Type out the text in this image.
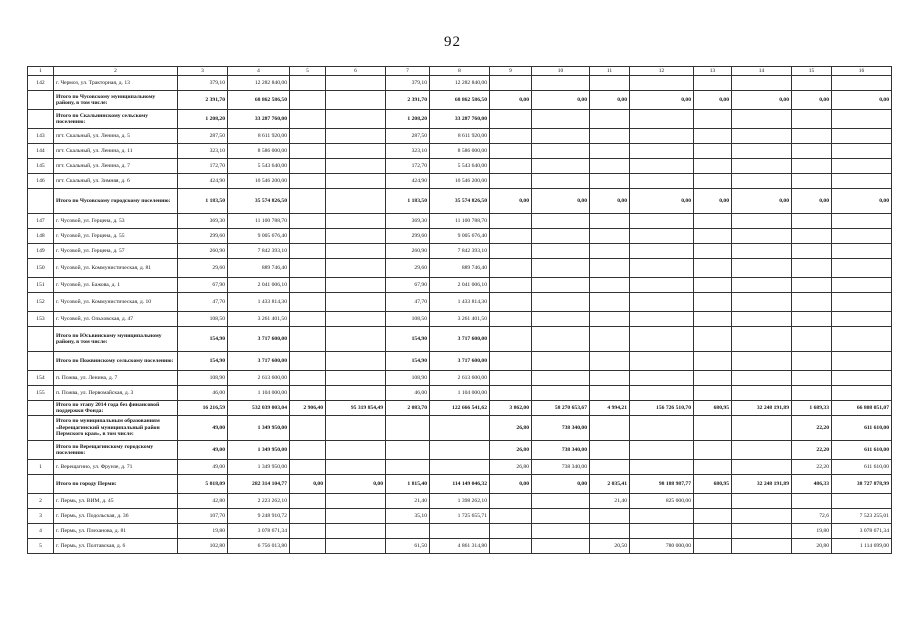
92
1	2	3	4	5	6	7	8	9	10	11	12	13	14	15	16
142	г. Чермоз, ул. Тракторная, д. 13	379,10	12 282 840,00			379,10	12 282 840,00								
	Итого по Чусовскому муниципальному району, в том числе:	2 391,70	68 862 586,50			2 391,70	68 862 586,50	0,00	0,00	0,00	0,00	0,00	0,00	0,00	0,00
	Итого по Скальнинскому сельскому поселению:	1 208,20	33 287 760,00			1 208,20	33 287 760,00								
143	пгт. Скальный, ул. Ленина, д. 5	287,50	8 611 920,00			287,50	8 611 920,00								
144	пгт. Скальный, ул. Ленина, д. 11	323,10	8 586 000,00			323,10	8 586 000,00								
145	пгт. Скальный, ул. Ленина, д. 7	172,70	5 543 640,00			172,70	5 543 640,00								
146	пгт. Скальный, ул. Зимняя, д. 6	424,90	10 546 200,00			424,90	10 546 200,00								
	Итого по Чусовскому городскому поселению:	1 183,50	35 574 826,50			1 183,50	35 574 826,50	0,00	0,00	0,00	0,00	0,00	0,00	0,00	0,00
147	г. Чусовой, ул. Герцена, д. 53	369,30	11 100 788,70			369,30	11 100 788,70								
148	г. Чусовой, ул. Герцена, д. 55	299,60	9 005 676,40			299,60	9 005 676,40								
149	г. Чусовой, ул. Герцена, д. 57	260,90	7 842 393,10			260,90	7 842 393,10								
150	г. Чусовой, ул. Коммунистическая, д. 81	29,60	889 746,40			29,60	889 746,40								
151	г. Чусовой, ул. Бажова, д. 1	67,90	2 041 006,10			67,90	2 041 006,10								
152	г. Чусовой, ул. Коммунистическая, д. 10	47,70	1 433 814,30			47,70	1 433 814,30								
153	г. Чусовой, ул. Ольховская, д. 47	108,50	3 261 401,50			108,50	3 261 401,50								
	Итого по Юсьвинскому муниципальному району, в том числе:	154,90	3 717 600,00			154,90	3 717 600,00								
	Итого по Пожвинскому сельскому поселению:	154,90	3 717 600,00			154,90	3 717 600,00								
154	п. Пожва, ул. Ленина, д. 7	108,90	2 613 600,00			108,90	2 613 600,00								
155	п. Пожва, ул. Первомайская, д. 3	46,00	1 104 000,00			46,00	1 104 000,00								
	Итого по этапу 2014 года без финансовой поддержки Фонда:	16 216,59	532 039 003,04	2 906,40	95 319 854,49	2 083,70	122 666 541,62	3 862,00	58 270 653,67	4 994,21	156 726 510,70	680,95	32 248 191,89	1 689,33	66 808 051,07
	Итого по муниципальным образованиям «Верещагинский муниципальный район Пермского края», в том числе:	49,00	1 349 950,00					26,80	738 340,00					22,20	611 610,00
	Итого по Верещагинскому городскому поселению:	49,00	1 349 950,00					26,80	738 340,00					22,20	611 610,00
1	г. Верещагино, ул. Фрунзе, д. 71	49,00	1 349 950,00					26,80	738 340,00					22,20	611 610,00
	Итого по городу Перми:	5 018,09	282 314 104,77	0,00	0,00	1 815,40	114 149 046,32	0,00	0,00	2 035,41	98 188 987,77	680,95	32 248 191,89	486,33	38 727 878,99
2	г. Пермь, ул. ВИМ, д. 45	42,80	2 223 262,10			21,40	1 398 262,10			21,40	825 000,00				
3	г. Пермь, ул. Подольская, д. 36	107,70	9 248 910,72			35,10	1 725 655,71							72,6	7 523 255,01
4	г. Пермь, ул. Плеханова, д. 81	19,80	3 078 671,34											19,80	3 078 671,34
5	г. Пермь, ул. Полтавская, д. 6	102,80	6 756 013,80			61,50	4 861 314,80			20,50	780 000,00			20,80	1 114 699,00
